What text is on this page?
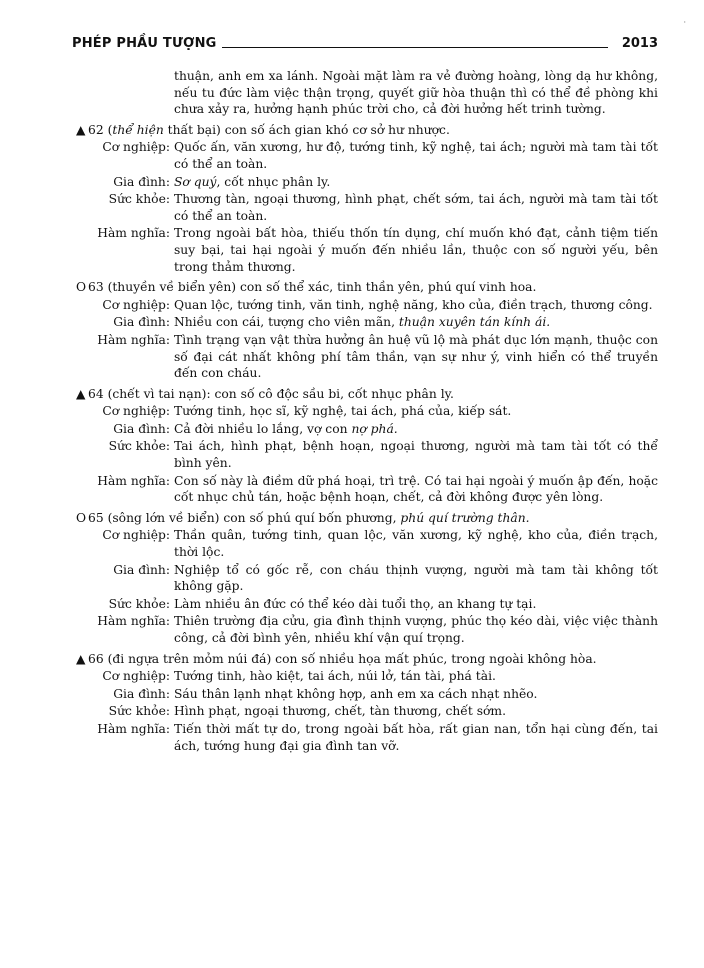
·
PHÉP PHẦU TƯỢNG	2013

thuận, anh em xa lánh. Ngoài mặt làm ra vẻ đường hoàng, lòng dạ hư không, nếu tu đức làm việc thận trọng, quyết giữ hòa thuận thì có thể đề phòng khi chưa xảy ra, hưởng hạnh phúc trời cho, cả đời hưởng hết trinh tường.

▲ 62 (thể hiện thất bại) con số ách gian khó cơ sở hư nhược.

Cơ nghiệp: Quốc ấn, văn xương, hư độ, tướng tinh, kỹ nghệ, tai ách; người mà tam tài tốt có thể an toàn.
Gia đình: Sơ quý, cốt nhục phân ly.
Sức khỏe: Thương tàn, ngoại thương, hình phạt, chết sớm, tai ách, người mà tam tài tốt có thể an toàn.
Hàm nghĩa: Trong ngoài bất hòa, thiếu thốn tín dụng, chí muốn khó đạt, cảnh tiệm tiến suy bại, tai hại ngoài ý muốn đến nhiều lần, thuộc con số người yếu, bên trong thảm thương.

O 63 (thuyền về biển yên) con số thể xác, tinh thần yên, phú quí vinh hoa.

Cơ nghiệp: Quan lộc, tướng tinh, văn tinh, nghệ năng, kho của, điền trạch, thương công.
Gia đình: Nhiều con cái, tượng cho viên mãn, thuận xuyên tán kính ái.
Hàm nghĩa: Tình trạng vạn vật thừa hưởng ân huệ vũ lộ mà phát dục lớn mạnh, thuộc con số đại cát nhất không phí tâm thần, vạn sự như ý, vinh hiển có thể truyền đến con cháu.

▲ 64 (chết vì tai nạn): con số cô độc sầu bi, cốt nhục phân ly.

Cơ nghiệp: Tướng tinh, học sĩ, kỹ nghệ, tai ách, phá của, kiếp sát.
Gia đình: Cả đời nhiều lo lắng, vợ con nợ phá.
Sức khỏe: Tai ách, hình phạt, bệnh hoạn, ngoại thương, người mà tam tài tốt có thể bình yên.
Hàm nghĩa: Con số này là điềm dữ phá hoại, trì trệ. Có tai hại ngoài ý muốn ập đến, hoặc cốt nhục chủ tán, hoặc bệnh hoạn, chết, cả đời không được yên lòng.

O 65 (sông lớn về biển) con số phú quí bốn phương, phú quí trường thân.

Cơ nghiệp: Thần quân, tướng tinh, quan lộc, văn xương, kỹ nghệ, kho của, điền trạch, thời lộc.
Gia đình: Nghiệp tổ có gốc rễ, con cháu thịnh vượng, người mà tam tài không tốt không gặp.
Sức khỏe: Làm nhiều ân đức có thể kéo dài tuổi thọ, an khang tự tại.
Hàm nghĩa: Thiên trường địa cửu, gia đình thịnh vượng, phúc thọ kéo dài, việc việc thành công, cả đời bình yên, nhiều khí vận quí trọng.

▲ 66 (đi ngựa trên mỏm núi đá) con số nhiều họa mất phúc, trong ngoài không hòa.

Cơ nghiệp: Tướng tinh, hào kiệt, tai ách, núi lở, tán tài, phá tài.
Gia đình: Sáu thân lạnh nhạt không hợp, anh em xa cách nhạt nhẽo.
Sức khỏe: Hình phạt, ngoại thương, chết, tàn thương, chết sớm.
Hàm nghĩa: Tiến thời mất tự do, trong ngoài bất hòa, rất gian nan, tổn hại cùng đến, tai ách, tướng hung đại gia đình tan vỡ.
